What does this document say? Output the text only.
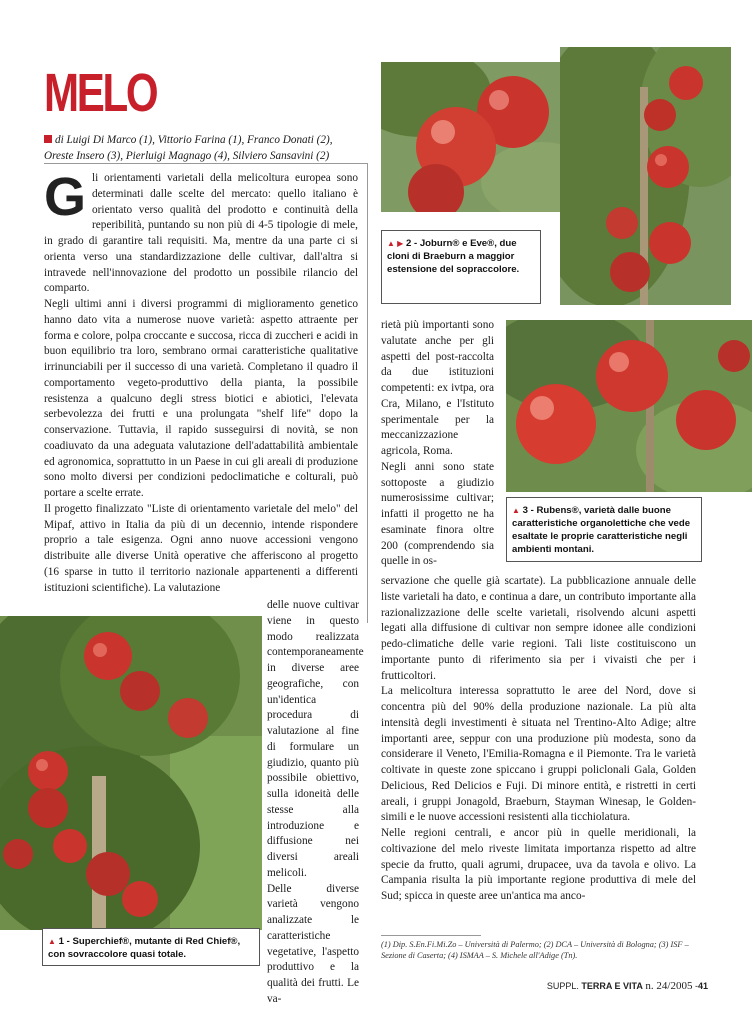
MELO
di Luigi Di Marco (1), Vittorio Farina (1), Franco Donati (2), Oreste Insero (3), Pierluigi Magnago (4), Silviero Sansavini (2)

Gli orientamenti varietali della melicoltura europea sono determinati dalle scelte del mercato: quello italiano è orientato verso qualità del prodotto e continuità della reperibilità, puntando su non più di 4-5 tipologie di mele, in grado di garantire tali requisiti. Ma, mentre da una parte ci si orienta verso una standardizzazione delle cultivar, dall'altra si intravede nell'innovazione del prodotto un possibile rilancio del comparto.

Negli ultimi anni i diversi programmi di miglioramento genetico hanno dato vita a numerose nuove varietà: aspetto attraente per forma e colore, polpa croccante e succosa, ricca di zuccheri e acidi in buon equilibrio tra loro, sembrano ormai caratteristiche qualitative irrinunciabili per il successo di una varietà. Completano il quadro il comportamento vegeto-produttivo della pianta, la possibile resistenza a qualcuno degli stress biotici e abiotici, l'elevata serbevolezza dei frutti e una prolungata "shelf life" dopo la conservazione. Tuttavia, il rapido susseguirsi di novità, se non coadiuvato da una adeguata valutazione dell'adattabilità ambientale ed agronomica, soprattutto in un Paese in cui gli areali di produzione sono molto diversi per condizioni pedoclimatiche e colturali, può portare a scelte errate.

Il progetto finalizzato "Liste di orientamento varietale del melo" del Mipaf, attivo in Italia da più di un decennio, intende rispondere proprio a tale esigenza. Ogni anno nuove accessioni vengono distribuite alle diverse Unità operative che afferiscono al progetto (16 sparse in tutto il territorio nazionale appartenenti a differenti istituzioni scientifiche). La valutazione

delle nuove cultivar viene in questo modo realizzata contemporaneamente in diverse aree geografiche, con un'identica procedura di valutazione al fine di formulare un giudizio, quanto più possibile obiettivo, sulla idoneità delle stesse alla introduzione e diffusione nei diversi areali melicoli.

Delle diverse varietà vengono analizzate le caratteristiche vegetative, l'aspetto produttivo e la qualità dei frutti. Le va-

▲ 1 - Superchief®, mutante di Red Chief®, con sovraccolore quasi totale.
▲ ▶ 2 - Joburn® e Eve®, due cloni di Braeburn a maggior estensione del sopraccolore.

rietà più importanti sono valutate anche per gli aspetti del post-raccolta da due istituzioni competenti: ex ivtpa, ora Cra, Milano, e l'Istituto sperimentale per la meccanizzazione agricola, Roma.

Negli anni sono state sottoposte a giudizio numerosissime cultivar; infatti il progetto ne ha esaminate finora oltre 200 (comprendendo sia quelle in os-

▲ 3 - Rubens®, varietà dalle buone caratteristiche organolettiche che vede esaltate le proprie caratteristiche negli ambienti montani.

servazione che quelle già scartate). La pubblicazione annuale delle liste varietali ha dato, e continua a dare, un contributo importante alla razionalizzazione delle scelte varietali, risolvendo alcuni aspetti legati alla diffusione di cultivar non sempre idonee alle condizioni pedo-climatiche delle varie regioni. Tali liste costituiscono un importante punto di riferimento sia per i vivaisti che per i frutticoltori.

La melicoltura interessa soprattutto le aree del Nord, dove si concentra più del 90% della produzione nazionale. La più alta intensità degli investimenti è situata nel Trentino-Alto Adige; altre importanti aree, seppur con una produzione più modesta, sono da considerare il Veneto, l'Emilia-Romagna e il Piemonte. Tra le varietà coltivate in queste zone spiccano i gruppi policlonali Gala, Golden Delicious, Red Delicios e Fuji. Di minore entità, e ristretti in certi areali, i gruppi Jonagold, Braeburn, Stayman Winesap, le Golden-simili e le nuove accessioni resistenti alla ticchiolatura.

Nelle regioni centrali, e ancor più in quelle meridionali, la coltivazione del melo riveste limitata importanza rispetto ad altre specie da frutto, quali agrumi, drupacee, uva da tavola e olivo. La Campania risulta la più importante regione produttiva di mele del Sud; spicca in queste aree un'antica ma anco-

(1) Dip. S.En.Fi.Mi.Zo – Università di Palermo; (2) DCA – Università di Bologna; (3) ISF – Sezione di Caserta; (4) ISMAA – S. Michele all'Adige (Tn).
SUPPL. TERRA E VITA n. 24/2005 -41
